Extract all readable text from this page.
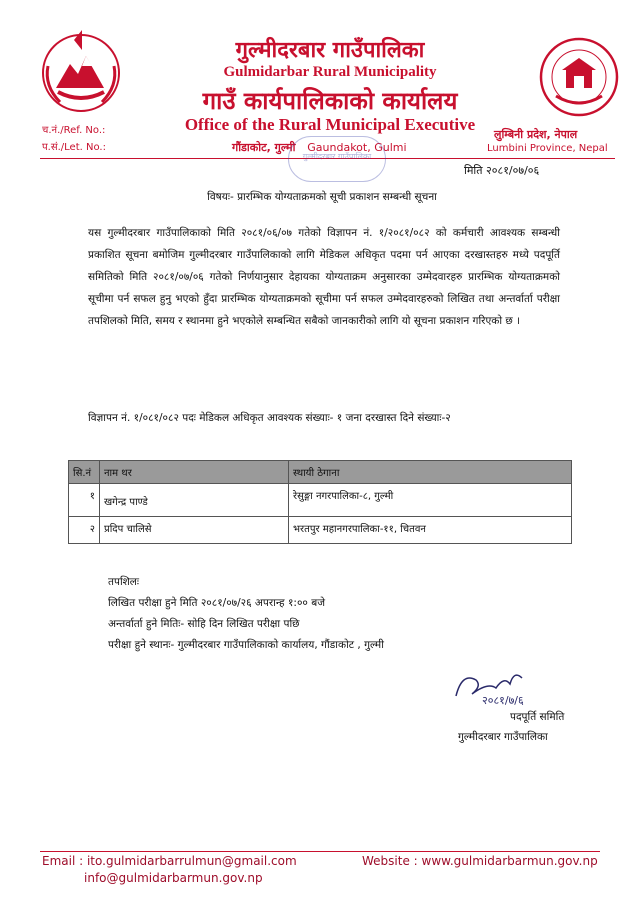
गुल्मीदरबार गाउँपालिका
Gulmidarbar Rural Municipality
गाउँ कार्यपालिकाको कार्यालय
Office of the Rural Municipal Executive
गौंडाकोट, गुल्मी Gaundakot, Gulmi
च.नं./Ref. No.:
प.सं./Let. No.:
लुम्बिनी प्रदेश, नेपाल
Lumbini Province, Nepal
गुल्मीदरबार गाउँपालिका
मिति २०८१/०७/०६
विषयः- प्रारम्भिक योग्यताक्रमको सूची प्रकाशन सम्बन्धी सूचना
यस गुल्मीदरबार गाउँपालिकाको मिति २०८१/०६/०७ गतेको विज्ञापन नं. १/२०८१/०८२ को कर्मचारी आवश्यक सम्बन्धी प्रकाशित सूचना बमोजिम गुल्मीदरबार गाउँपालिकाको लागि मेडिकल अधिकृत पदमा पर्न आएका दरखास्तहरु मध्ये पदपूर्ति समितिको मिति २०८१/०७/०६ गतेको निर्णयानुसार देहायका योग्यताक्रम अनुसारका उम्मेदवारहरु प्रारम्भिक योग्यताक्रमको सूचीमा पर्न सफल हुनु भएको हुँदा प्रारम्भिक योग्यताक्रमको सूचीमा पर्न सफल उम्मेदवारहरुको लिखित तथा अन्तर्वार्ता परीक्षा तपशिलको मिति, समय र स्थानमा हुने भएकोले सम्बन्धित सबैको जानकारीको लागि यो सूचना प्रकाशन गरिएको छ ।
विज्ञापन नं. १/०८१/०८२ पदः मेडिकल अधिकृत आवश्यक संख्याः- १ जना दरखास्त दिने संख्याः-२
सि.नं	नाम थर	स्थायी ठेगाना
१	खगेन्द्र पाण्डे	रेसुङ्गा नगरपालिका-८, गुल्मी
२	प्रदिप चालिसे	भरतपुर महानगरपालिका-११, चितवन
तपशिलः
लिखित परीक्षा हुने मिति २०८१/०७/२६ अपरान्ह १:०० बजे
अन्तर्वार्ता हुने मितिः- सोहि दिन लिखित परीक्षा पछि
परीक्षा हुने स्थानः- गुल्मीदरबार गाउँपालिकाको कार्यालय, गौंडाकोट , गुल्मी
२०८१/७/६
पदपूर्ति समिति
गुल्मीदरबार गाउँपालिका
Email : ito.gulmidarbarrulmun@gmail.com
info@gulmidarbarmun.gov.np
Website : www.gulmidarbarmun.gov.np
